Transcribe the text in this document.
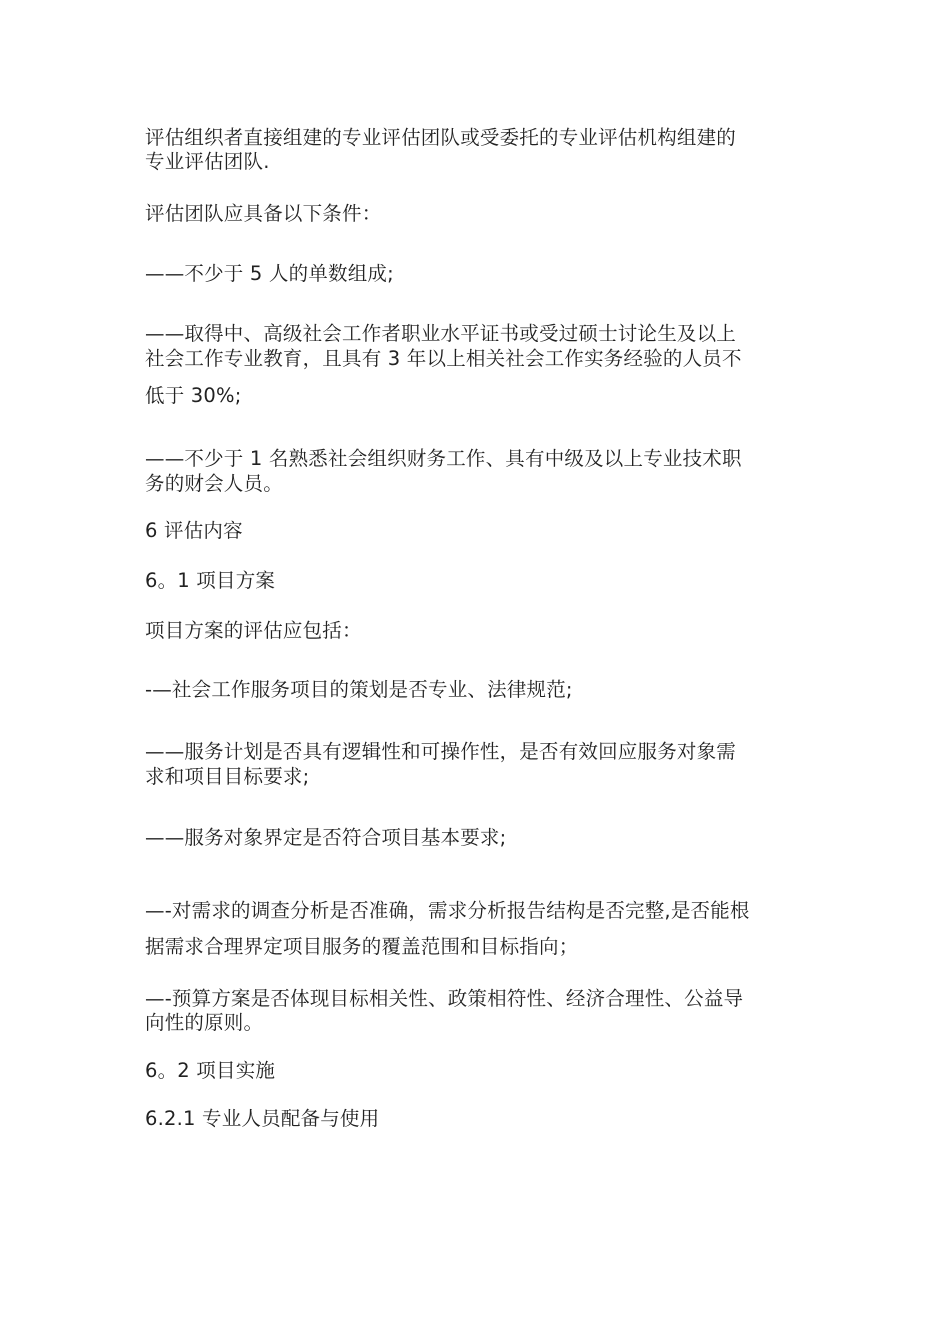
评估组织者直接组建的专业评估团队或受委托的专业评估机构组建的
专业评估团队.
评估团队应具备以下条件：
——不少于 5 人的单数组成;
——取得中、高级社会工作者职业水平证书或受过硕士讨论生及以上
社会工作专业教育，且具有 3 年以上相关社会工作实务经验的人员不
低于 30%;
——不少于 1 名熟悉社会组织财务工作、具有中级及以上专业技术职
务的财会人员。
6 评估内容
6。1 项目方案
项目方案的评估应包括：
-—社会工作服务项目的策划是否专业、法律规范;
——服务计划是否具有逻辑性和可操作性，是否有效回应服务对象需
求和项目目标要求;
——服务对象界定是否符合项目基本要求;
—-对需求的调查分析是否准确，需求分析报告结构是否完整,是否能根
据需求合理界定项目服务的覆盖范围和目标指向；
—-预算方案是否体现目标相关性、政策相符性、经济合理性、公益导
向性的原则。
6。2 项目实施
6.2.1 专业人员配备与使用
